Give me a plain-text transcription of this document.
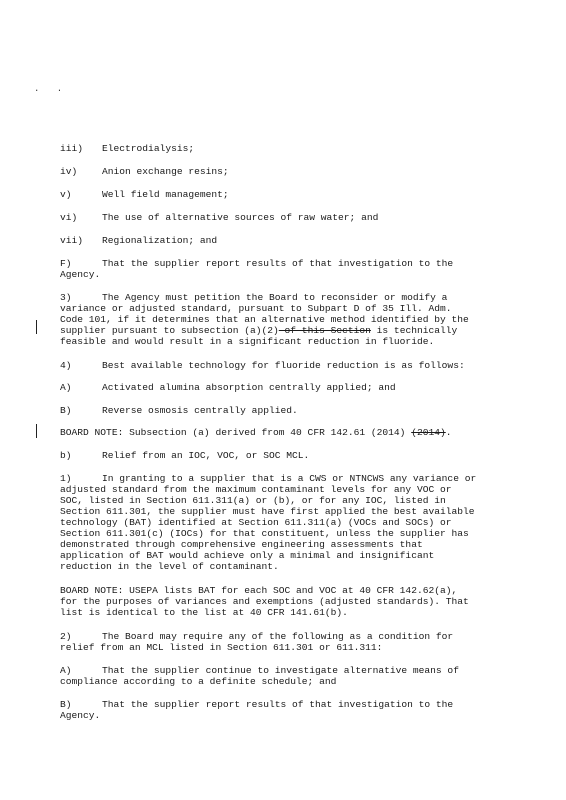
. .
iii) Electrodialysis;
iv)	Anion exchange resins;
v)	Well field management;
vi)	The use of alternative sources of raw water; and
vii) Regionalization; and
F)	That the supplier report results of that investigation to the
Agency.
3)	The Agency must petition the Board to reconsider or modify a
variance or adjusted standard, pursuant to Subpart D of 35 Ill. Adm.
Code 101, if it determines that an alternative method identified by the
supplier pursuant to subsection (a)(2) of this Section is technically
feasible and would result in a significant reduction in fluoride.
4)	Best available technology for fluoride reduction is as follows:
A)	Activated alumina absorption centrally applied; and
B)	Reverse osmosis centrally applied.
BOARD NOTE: Subsection (a) derived from 40 CFR 142.61 (2014) (2014).
b)	Relief from an IOC, VOC, or SOC MCL.
1)	In granting to a supplier that is a CWS or NTNCWS any variance or
adjusted standard from the maximum contaminant levels for any VOC or
SOC, listed in Section 611.311(a) or (b), or for any IOC, listed in
Section 611.301, the supplier must have first applied the best available
technology (BAT) identified at Section 611.311(a) (VOCs and SOCs) or
Section 611.301(c) (IOCs) for that constituent, unless the supplier has
demonstrated through comprehensive engineering assessments that
application of BAT would achieve only a minimal and insignificant
reduction in the level of contaminant.
BOARD NOTE: USEPA lists BAT for each SOC and VOC at 40 CFR 142.62(a),
for the purposes of variances and exemptions (adjusted standards). That
list is identical to the list at 40 CFR 141.61(b).
2)	The Board may require any of the following as a condition for
relief from an MCL listed in Section 611.301 or 611.311:
A)	That the supplier continue to investigate alternative means of
compliance according to a definite schedule; and
B)	That the supplier report results of that investigation to the
Agency.
